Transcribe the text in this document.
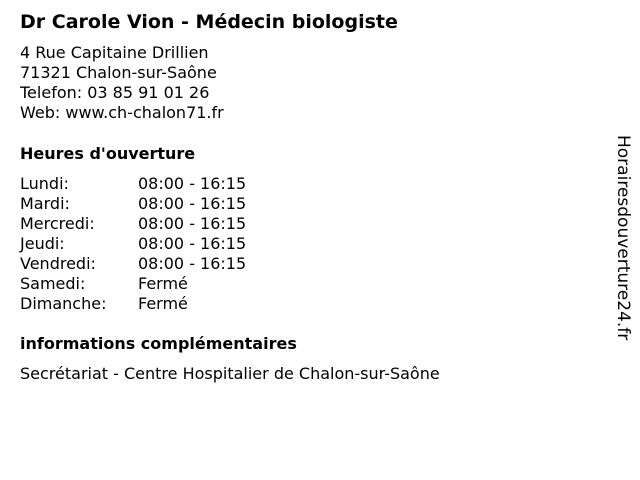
Dr Carole Vion - Médecin biologiste
4 Rue Capitaine Drillien
71321 Chalon-sur-Saône
Telefon: 03 85 91 01 26
Web: www.ch-chalon71.fr
Heures d'ouverture
Lundi:	08:00 - 16:15
Mardi:	08:00 - 16:15
Mercredi:	08:00 - 16:15
Jeudi:	08:00 - 16:15
Vendredi:	08:00 - 16:15
Samedi:	Fermé
Dimanche: Fermé
informations complémentaires
Secrétariat - Centre Hospitalier de Chalon-sur-Saône
Horairesdouverture24.fr
